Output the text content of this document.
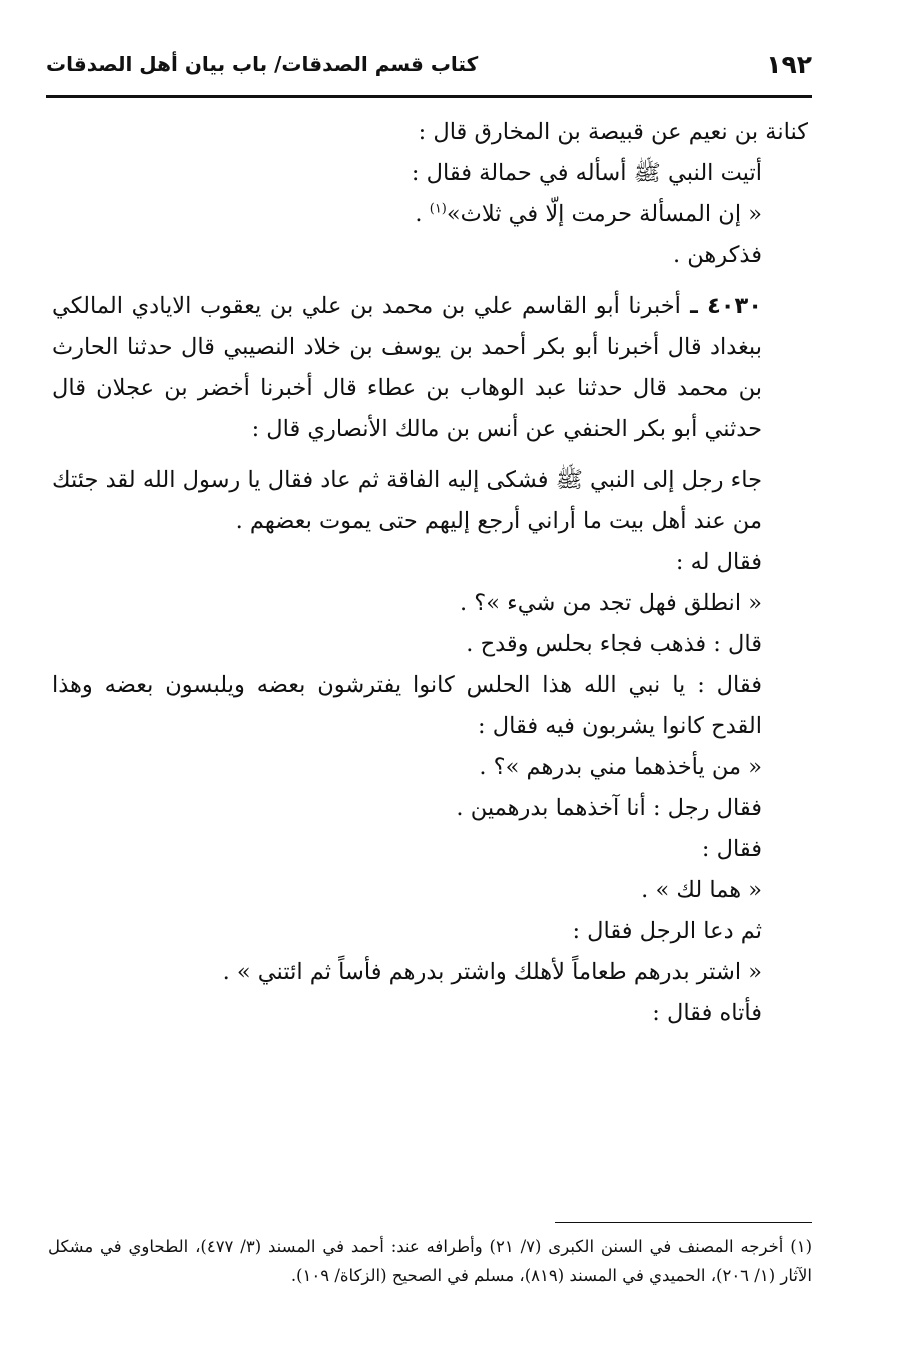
١٩٢
كتاب قسم الصدقات/ باب بيان أهل الصدقات

كنانة بن نعيم عن قبيصة بن المخارق قال :

أتيت النبي ﷺ أسأله في حمالة فقال :

« إن المسألة حرمت إلّا في ثلاث»$^{(١)}$ .

فذكرهن .

٤٠٣٠ ـ أخبرنا أبو القاسم علي بن محمد بن علي بن يعقوب الايادي المالكي ببغداد قال أخبرنا أبو بكر أحمد بن يوسف بن خلاد النصيبي قال حدثنا الحارث بن محمد قال حدثنا عبد الوهاب بن عطاء قال أخبرنا أخضر بن عجلان قال حدثني أبو بكر الحنفي عن أنس بن مالك الأنصاري قال :

جاء رجل إلى النبي ﷺ فشكى إليه الفاقة ثم عاد فقال يا رسول الله لقد جئتك من عند أهل بيت ما أراني أرجع إليهم حتى يموت بعضهم .

فقال له :

« انطلق فهل تجد من شيء »؟ .

قال : فذهب فجاء بحلس وقدح .

فقال : يا نبي الله هذا الحلس كانوا يفترشون بعضه ويلبسون بعضه وهذا القدح كانوا يشربون فيه فقال :

« من يأخذهما مني بدرهم »؟ .

فقال رجل : أنا آخذهما بدرهمين .

فقال :

« هما لك » .

ثم دعا الرجل فقال :

« اشتر بدرهم طعاماً لأهلك واشتر بدرهم فأساً ثم ائتني » .

فأتاه فقال :

(١) أخرجه المصنف في السنن الكبرى (٧/ ٢١) وأطرافه عند: أحمد في المسند (٣/ ٤٧٧)، الطحاوي في مشكل الآثار (١/ ٢٠٦)، الحميدي في المسند (٨١٩)، مسلم في الصحيح (الزكاة/ ١٠٩).
